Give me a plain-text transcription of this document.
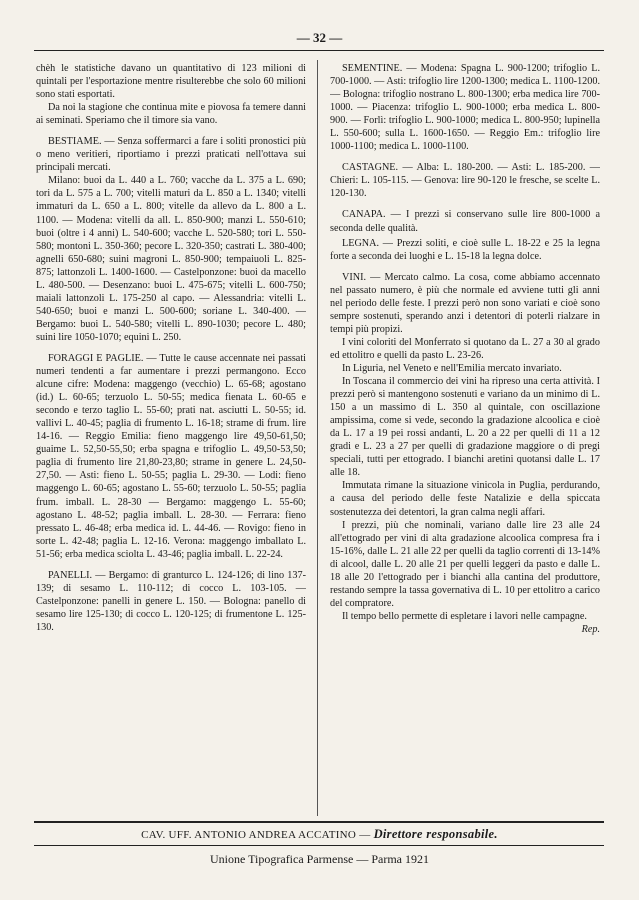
— 32 —

chèh le statistiche davano un quantitativo di 123 milioni di quintali per l'esportazione mentre risulterebbe che solo 60 milioni sono stati esportati.

Da noi la stagione che continua mite e piovosa fa temere danni ai seminati. Speriamo che il timore sia vano.

BESTIAME. — Senza soffermarci a fare i soliti pronostici più o meno veritieri, riportiamo i prezzi praticati nell'ottava sui principali mercati.

Milano: buoi da L. 440 a L. 760; vacche da L. 375 a L. 690; tori da L. 575 a L. 700; vitelli maturi da L. 850 a L. 1340; vitelli immaturi da L. 650 a L. 800; vitelle da allevo da L. 800 a L. 1100. — Modena: vitelli da all. L. 850-900; manzi L. 550-610; buoi (oltre i 4 anni) L. 540-600; vacche L. 520-580; tori L. 550-580; montoni L. 350-360; pecore L. 320-350; castrati L. 380-400; agnelli 650-680; suini magroni L. 850-900; tempaiuoli L. 825-875; lattonzoli L. 1400-1600. — Castelponzone: buoi da macello L. 480-500. — Desenzano: buoi L. 475-675; vitelli L. 600-750; maiali lattonzoli L. 175-250 al capo. — Alessandria: vitelli L. 540-650; buoi e manzi L. 500-600; soriane L. 340-400. — Bergamo: buoi L. 540-580; vitelli L. 890-1030; pecore L. 480; suini lire 1050-1070; equini L. 250.

FORAGGI E PAGLIE. — Tutte le cause accennate nei passati numeri tendenti a far aumentare i prezzi permangono. Ecco alcune cifre: Modena: maggengo (vecchio) L. 65-68; agostano (id.) L. 60-65; terzuolo L. 50-55; medica fienata L. 60-65 e secondo e terzo taglio L. 55-60; prati nat. asciutti L. 50-55; id. vallivi L. 40-45; paglia di frumento L. 16-18; strame di frum. lire 14-16. — Reggio Emilia: fieno maggengo lire 49,50-61,50; guaime L. 52,50-55,50; erba spagna e trifoglio L. 49,50-53,50; paglia di frumento lire 21,80-23,80; strame in genere L. 24,50-27,50. — Asti: fieno L. 50-55; paglia L. 29-30. — Lodi: fieno maggengo L. 60-65; agostano L. 55-60; terzuolo L. 50-55; paglia frum. imball. L. 28-30 — Bergamo: maggengo L. 55-60; agostano L. 48-52; paglia imball. L. 28-30. — Ferrara: fieno pressato L. 46-48; erba medica id. L. 44-46. — Rovigo: fieno in sorte L. 42-48; paglia L. 12-16. Verona: maggengo imballato L. 51-56; erba medica sciolta L. 43-46; paglia imball. L. 22-24.

PANELLI. — Bergamo: di granturco L. 124-126; di lino 137-139; di sesamo L. 110-112; di cocco L. 103-105. — Castelponzone: panelli in genere L. 150. — Bologna: panello di sesamo lire 125-130; di cocco L. 120-125; di frumentone L. 125-130.

SEMENTINE. — Modena: Spagna L. 900-1200; trifoglio L. 700-1000. — Asti: trifoglio lire 1200-1300; medica L. 1100-1200. — Bologna: trifoglio nostrano L. 800-1300; erba medica lire 700-1000. — Piacenza: trifoglio L. 900-1000; erba medica L. 800-900. — Forlì: trifoglio L. 900-1000; medica L. 800-950; lupinella L. 550-600; sulla L. 1600-1650. — Reggio Em.: trifoglio lire 1000-1100; medica L. 1000-1100.

CASTAGNE. — Alba: L. 180-200. — Asti: L. 185-200. — Chieri: L. 105-115. — Genova: lire 90-120 le fresche, se scelte L. 120-130.

CANAPA. — I prezzi si conservano sulle lire 800-1000 a seconda delle qualità.

LEGNA. — Prezzi soliti, e cioè sulle L. 18-22 e 25 la legna forte a seconda dei luoghi e L. 15-18 la legna dolce.

VINI. — Mercato calmo. La cosa, come abbiamo accennato nel passato numero, è più che normale ed avviene tutti gli anni nel periodo delle feste. I prezzi però non sono variati e cioè sono sempre sostenuti, sperando anzi i detentori di poterli rialzare in tempi più propizi.

I vini coloriti del Monferrato si quotano da L. 27 a 30 al grado ed ettolitro e quelli da pasto L. 23-26.

In Liguria, nel Veneto e nell'Emilia mercato invariato.

In Toscana il commercio dei vini ha ripreso una certa attività. I prezzi però si mantengono sostenuti e variano da un minimo di L. 150 a un massimo di L. 350 al quintale, con oscillazione ampissima, come si vede, secondo la gradazione alcoolica e cioè da L. 17 a 19 pei rossi andanti, L. 20 a 22 per quelli di 11 a 12 gradi e L. 23 a 27 per quelli di gradazione maggiore o di pregi speciali, tutti per ettogrado. I bianchi aretini quotansi dalle L. 17 alle 18.

Immutata rimane la situazione vinicola in Puglia, perdurando, a causa del periodo delle feste Natalizie e della spiccata sostenutezza dei detentori, la gran calma negli affari.

I prezzi, più che nominali, variano dalle lire 23 alle 24 all'ettogrado per vini di alta gradazione alcoolica compresa fra i 15-16%, dalle L. 21 alle 22 per quelli da taglio correnti di 13-14% di alcool, dalle L. 20 alle 21 per quelli leggeri da pasto e dalle L. 18 alle 20 l'ettogrado per i bianchi alla cantina del produttore, restando sempre la tassa governativa di L. 10 per ettolitro a carico del compratore.

Il tempo bello permette di espletare i lavori nelle campagne.

Rep.

CAV. UFF. ANTONIO ANDREA ACCATINO — Direttore responsabile.
Unione Tipografica Parmense — Parma 1921
